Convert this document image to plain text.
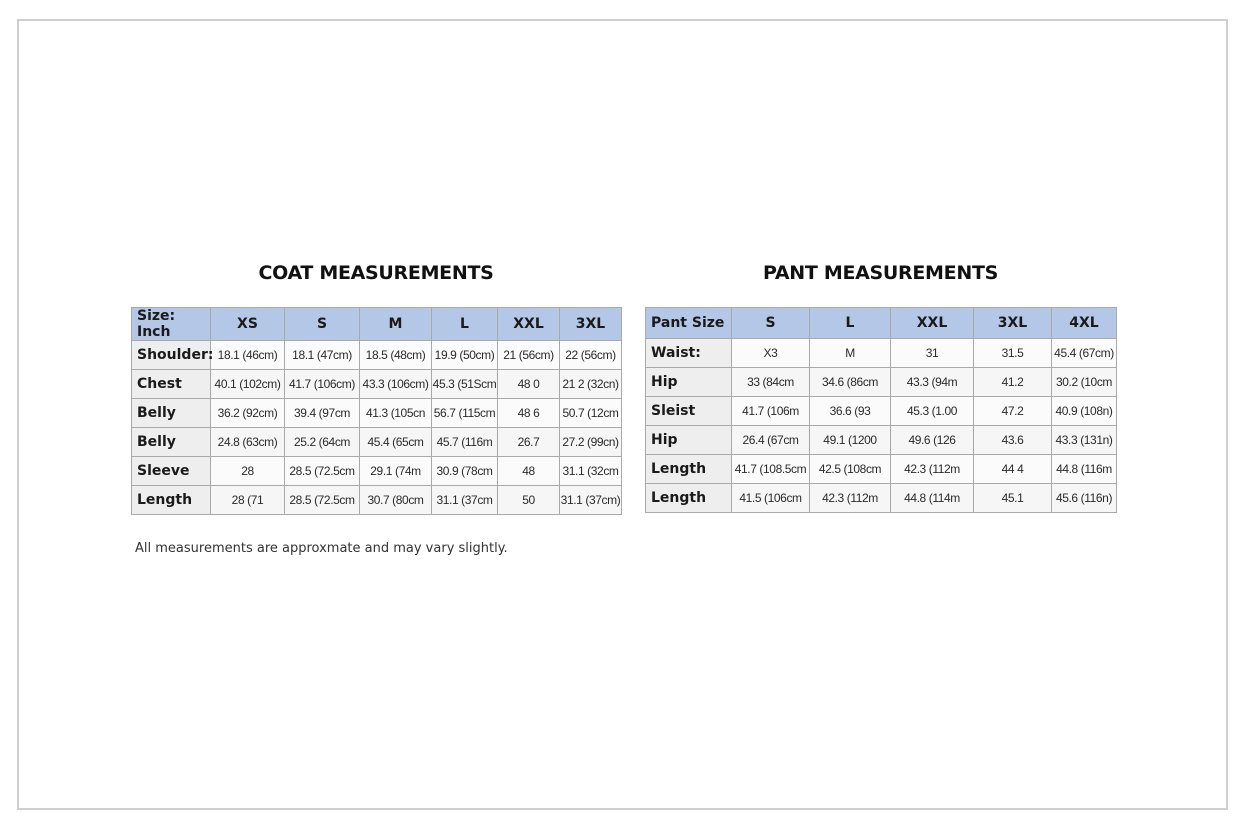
COAT MEASUREMENTS
Size: Inch	XS	S	M	L	XXL	3XL
Shoulder:	18.1 (46cm)	18.1 (47cm)	18.5 (48cm)	19.9 (50cm)	21 (56cm)	22 (56cm)
Chest	40.1 (102cm)	41.7 (106cm)	43.3 (106cm)	45.3 (51Scm	48 0	21 2 (32cn)
Belly	36.2 (92cm)	39.4 (97cm	41.3 (105cn	56.7 (115cm	48 6	50.7 (12cm
Belly	24.8 (63cm)	25.2 (64cm	45.4 (65cm	45.7 (116m	26.7	27.2 (99cn)
Sleeve	28	28.5 (72.5cm	29.1 (74m	30.9 (78cm	48	31.1 (32cm
Length	28 (71	28.5 (72.5cm	30.7 (80cm	31.1 (37cm	50	31.1 (37cm)
PANT MEASUREMENTS
Pant Size	S	L	XXL	3XL	4XL
Waist:	X3	M	31	31.5	45.4 (67cm)
Hip	33 (84cm	34.6 (86cm	43.3 (94m	41.2	30.2 (10cm
Sleist	41.7 (106m	36.6 (93	45.3 (1.00	47.2	40.9 (108n)
Hip	26.4 (67cm	49.1 (1200	49.6 (126	43.6	43.3 (131n)
Length	41.7 (108.5cm	42.5 (108cm	42.3 (112m	44 4	44.8 (116m
Length	41.5 (106cm	42.3 (112m	44.8 (114m	45.1	45.6 (116n)
All measurements are approxmate and may vary slightly.
